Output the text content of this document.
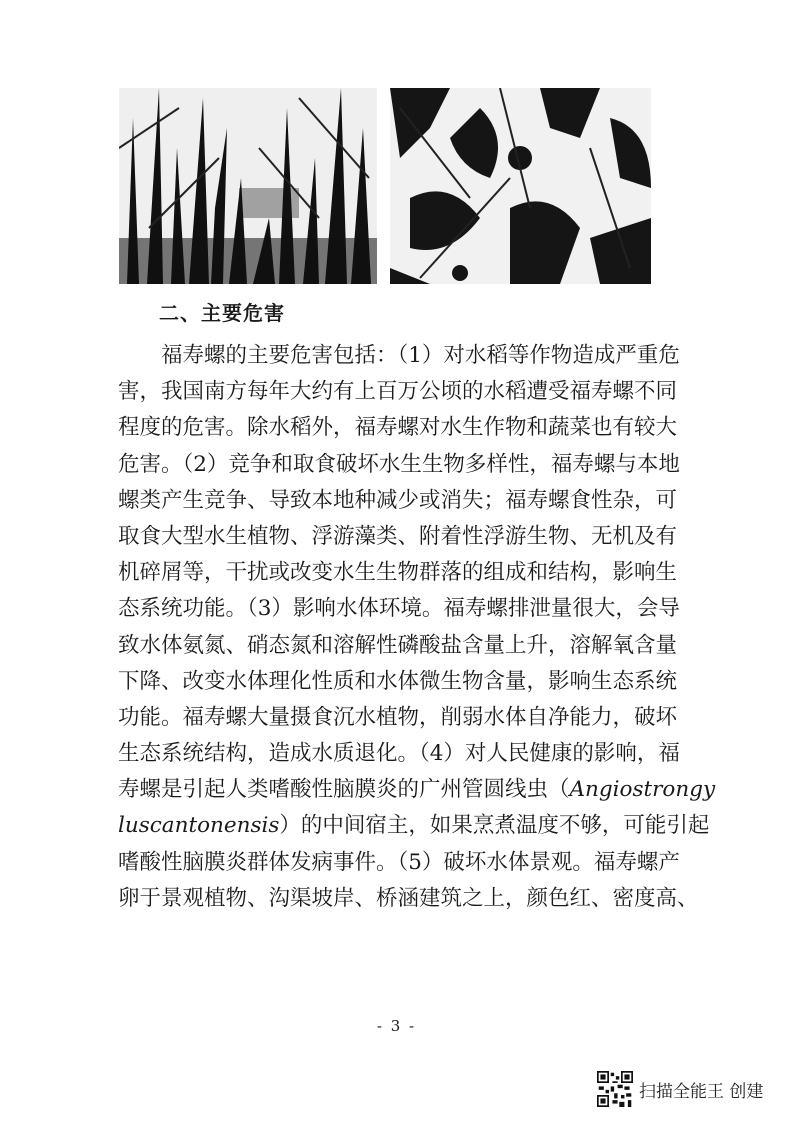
二、主要危害
　　福寿螺的主要危害包括：（1）对水稻等作物造成严重危
害，我国南方每年大约有上百万公顷的水稻遭受福寿螺不同
程度的危害。除水稻外，福寿螺对水生作物和蔬菜也有较大
危害。（2）竞争和取食破坏水生生物多样性，福寿螺与本地
螺类产生竞争、导致本地种减少或消失；福寿螺食性杂，可
取食大型水生植物、浮游藻类、附着性浮游生物、无机及有
机碎屑等，干扰或改变水生生物群落的组成和结构，影响生
态系统功能。（3）影响水体环境。福寿螺排泄量很大，会导
致水体氨氮、硝态氮和溶解性磷酸盐含量上升，溶解氧含量
下降、改变水体理化性质和水体微生物含量，影响生态系统
功能。福寿螺大量摄食沉水植物，削弱水体自净能力，破坏
生态系统结构，造成水质退化。（4）对人民健康的影响，福
寿螺是引起人类嗜酸性脑膜炎的广州管圆线虫（Angiostrongy
luscantonensis）的中间宿主，如果烹煮温度不够，可能引起
嗜酸性脑膜炎群体发病事件。（5）破坏水体景观。福寿螺产
卵于景观植物、沟渠坡岸、桥涵建筑之上，颜色红、密度高、
- 3 -
扫描全能王 创建
